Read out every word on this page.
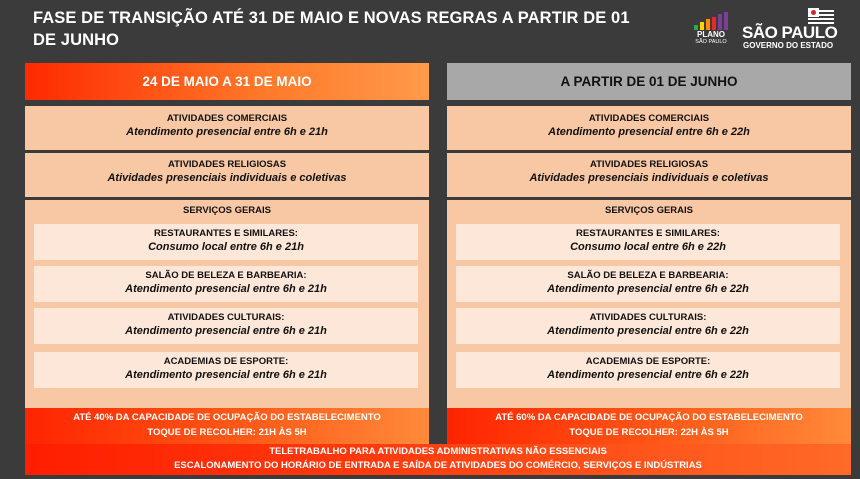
FASE DE TRANSIÇÃO ATÉ 31 DE MAIO E NOVAS REGRAS A PARTIR DE 01 DE JUNHO	PLANO
SÃO PAULO SÃO PAULO
GOVERNO DO ESTADO
24 DE MAIO A 31 DE MAIO
ATIVIDADES COMERCIAIS
Atendimento presencial entre 6h e 21h
ATIVIDADES RELIGIOSAS
Atividades presenciais individuais e coletivas
SERVIÇOS GERAIS
RESTAURANTES E SIMILARES:
Consumo local entre 6h e 21h
SALÃO DE BELEZA E BARBEARIA:
Atendimento presencial entre 6h e 21h
ATIVIDADES CULTURAIS:
Atendimento presencial entre 6h e 21h
ACADEMIAS DE ESPORTE:
Atendimento presencial entre 6h e 21h
ATÉ 40% DA CAPACIDADE DE OCUPAÇÃO DO ESTABELECIMENTO
TOQUE DE RECOLHER: 21H ÀS 5H
A PARTIR DE 01 DE JUNHO
ATIVIDADES COMERCIAIS
Atendimento presencial entre 6h e 22h
ATIVIDADES RELIGIOSAS
Atividades presenciais individuais e coletivas
SERVIÇOS GERAIS
RESTAURANTES E SIMILARES:
Consumo local entre 6h e 22h
SALÃO DE BELEZA E BARBEARIA:
Atendimento presencial entre 6h e 22h
ATIVIDADES CULTURAIS:
Atendimento presencial entre 6h e 22h
ACADEMIAS DE ESPORTE:
Atendimento presencial entre 6h e 22h
ATÉ 60% DA CAPACIDADE DE OCUPAÇÃO DO ESTABELECIMENTO
TOQUE DE RECOLHER: 22H ÀS 5H
TELETRABALHO PARA ATIVIDADES ADMINISTRATIVAS NÃO ESSENCIAIS
ESCALONAMENTO DO HORÁRIO DE ENTRADA E SAÍDA DE ATIVIDADES DO COMÉRCIO, SERVIÇOS E INDÚSTRIAS
